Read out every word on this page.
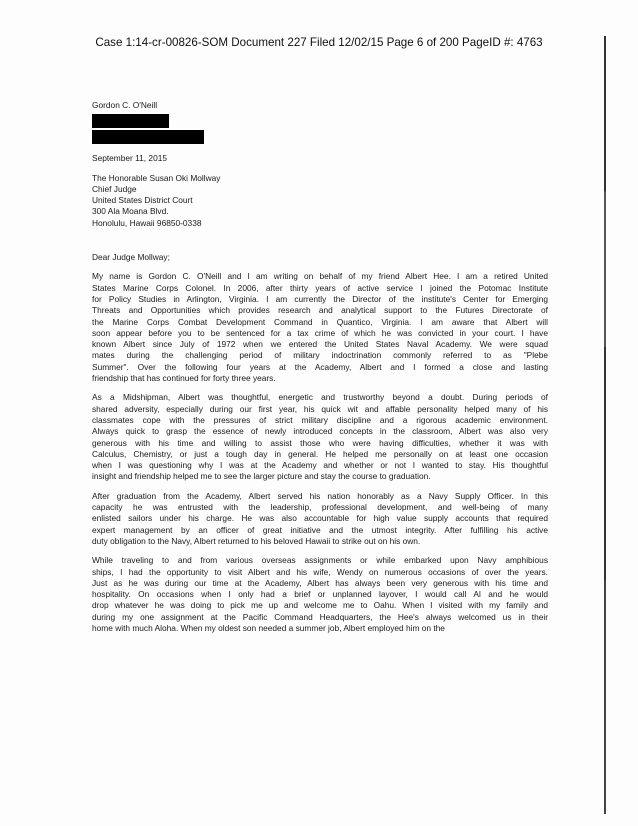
Case 1:14-cr-00826-SOM Document 227 Filed 12/02/15 Page 6 of 200 PageID #: 4763
Gordon C. O'Neill
September 11, 2015
The Honorable Susan Oki Mollway
Chief Judge
United States District Court
300 Ala Moana Blvd.
Honolulu, Hawaii 96850-0338
Dear Judge Mollway;
My name is Gordon C. O'Neill and I am writing on behalf of my friend Albert Hee. I am a retired United
States Marine Corps Colonel. In 2006, after thirty years of active service I joined the Potomac Institute
for Policy Studies in Arlington, Virginia. I am currently the Director of the institute's Center for Emerging
Threats and Opportunities which provides research and analytical support to the Futures Directorate of
the Marine Corps Combat Development Command in Quantico, Virginia. I am aware that Albert will
soon appear before you to be sentenced for a tax crime of which he was convicted in your court. I have
known Albert since July of 1972 when we entered the United States Naval Academy. We were squad
mates during the challenging period of military indoctrination commonly referred to as "Plebe
Summer". Over the following four years at the Academy, Albert and I formed a close and lasting
friendship that has continued for forty three years.
As a Midshipman, Albert was thoughtful, energetic and trustworthy beyond a doubt. During periods of
shared adversity, especially during our first year, his quick wit and affable personality helped many of his
classmates cope with the pressures of strict military discipline and a rigorous academic environment.
Always quick to grasp the essence of newly introduced concepts in the classroom, Albert was also very
generous with his time and willing to assist those who were having difficulties, whether it was with
Calculus, Chemistry, or just a tough day in general. He helped me personally on at least one occasion
when I was questioning why I was at the Academy and whether or not I wanted to stay. His thoughtful
insight and friendship helped me to see the larger picture and stay the course to graduation.
After graduation from the Academy, Albert served his nation honorably as a Navy Supply Officer. In this
capacity he was entrusted with the leadership, professional development, and well-being of many
enlisted sailors under his charge. He was also accountable for high value supply accounts that required
expert management by an officer of great initiative and the utmost integrity. After fulfilling his active
duty obligation to the Navy, Albert returned to his beloved Hawaii to strike out on his own.
While traveling to and from various overseas assignments or while embarked upon Navy amphibious
ships, I had the opportunity to visit Albert and his wife, Wendy on numerous occasions of over the years.
Just as he was during our time at the Academy, Albert has always been very generous with his time and
hospitality. On occasions when I only had a brief or unplanned layover, I would call Al and he would
drop whatever he was doing to pick me up and welcome me to Oahu. When I visited with my family and
during my one assignment at the Pacific Command Headquarters, the Hee's always welcomed us in their
home with much Aloha. When my oldest son needed a summer job, Albert employed him on the
